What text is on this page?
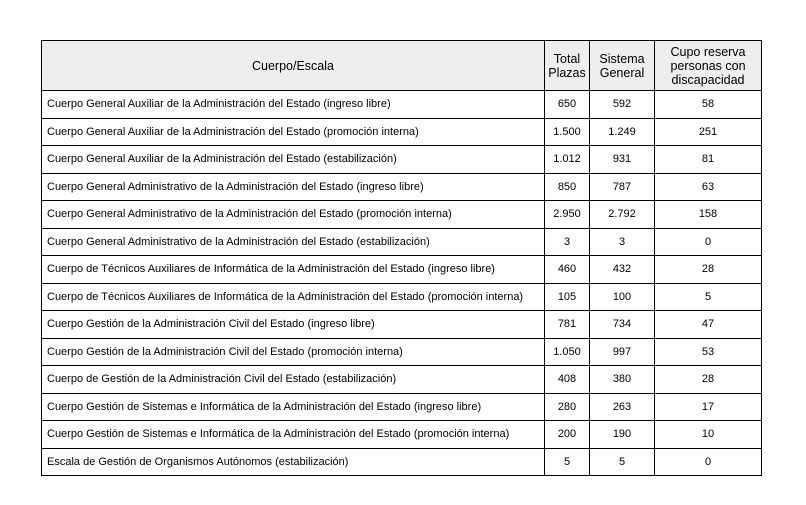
Cuerpo/Escala	Total Plazas	Sistema General	Cupo reserva personas con discapacidad
Cuerpo General Auxiliar de la Administración del Estado (ingreso libre)	650	592	58
Cuerpo General Auxiliar de la Administración del Estado (promoción interna)	1.500	1.249	251
Cuerpo General Auxiliar de la Administración del Estado (estabilización)	1.012	931	81
Cuerpo General Administrativo de la Administración del Estado (ingreso libre)	850	787	63
Cuerpo General Administrativo de la Administración del Estado (promoción interna)	2.950	2.792	158
Cuerpo General Administrativo de la Administración del Estado (estabilización)	3	3	0
Cuerpo de Técnicos Auxiliares de Informática de la Administración del Estado (ingreso libre)	460	432	28
Cuerpo de Técnicos Auxiliares de Informática de la Administración del Estado (promoción interna)	105	100	5
Cuerpo Gestión de la Administración Civil del Estado (ingreso libre)	781	734	47
Cuerpo Gestión de la Administración Civil del Estado (promoción interna)	1.050	997	53
Cuerpo de Gestión de la Administración Civil del Estado (estabilización)	408	380	28
Cuerpo Gestión de Sistemas e Informática de la Administración del Estado (ingreso libre)	280	263	17
Cuerpo Gestión de Sistemas e Informática de la Administración del Estado (promoción interna)	200	190	10
Escala de Gestión de Organismos Autónomos (estabilización)	5	5	0
